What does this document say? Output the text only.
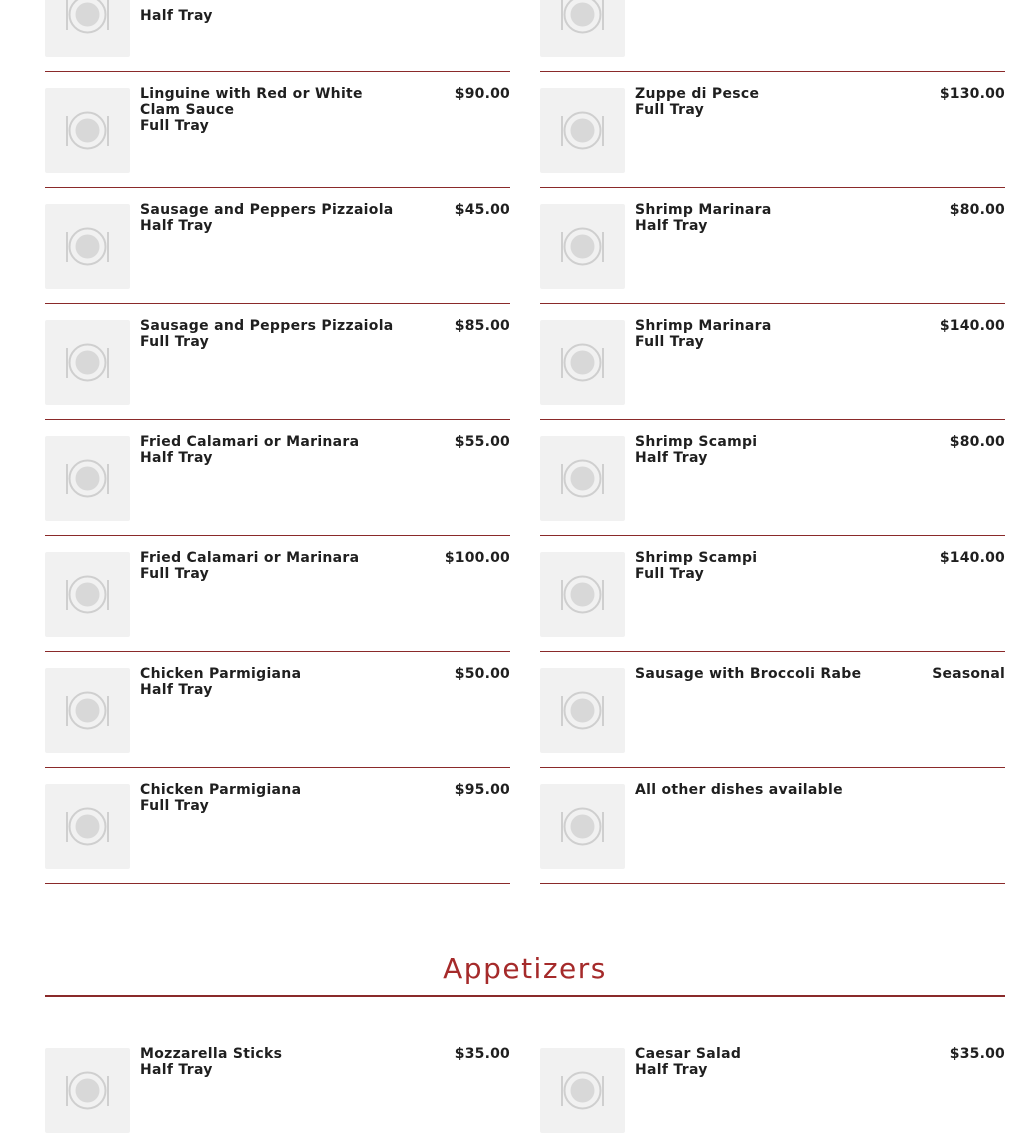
Half Tray
Linguine with Red or White Clam Sauce
Full Tray
$90.00
Sausage and Peppers Pizzaiola
Half Tray
$45.00
Sausage and Peppers Pizzaiola
Full Tray
$85.00
Fried Calamari or Marinara
Half Tray
$55.00
Fried Calamari or Marinara
Full Tray
$100.00
Chicken Parmigiana
Half Tray
$50.00
Chicken Parmigiana
Full Tray
$95.00
Zuppe di Pesce
Full Tray
$130.00
Shrimp Marinara
Half Tray
$80.00
Shrimp Marinara
Full Tray
$140.00
Shrimp Scampi
Half Tray
$80.00
Shrimp Scampi
Full Tray
$140.00
Sausage with Broccoli Rabe	Seasonal
All other dishes available
Appetizers
Mozzarella Sticks
Half Tray
$35.00	Caesar Salad
Half Tray
$35.00
